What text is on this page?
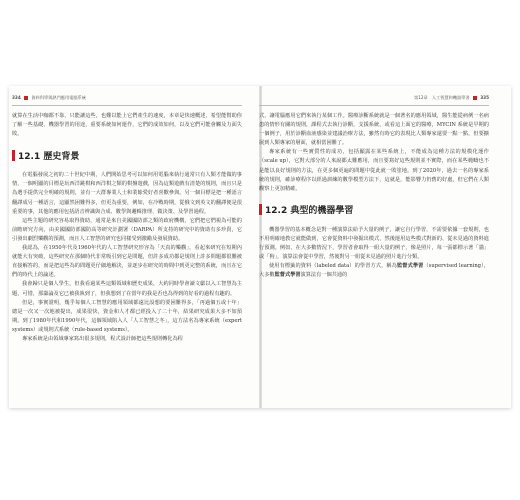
334	資料科學與熱門應用電腦系統

就算在生活中咖都不靠，只能讓這些，也難以能上它們產生的速度，本章是快速概述，希望能幫助你了解一些基礎、機器學習的用途，重要系統如何運作，它們的成效如何，以及它們可能會觸及力面失敗。

12.1 歷史背景

在電腦發展之初的二十世紀中期，人們開始思考可以如何用電腦來執行通常只有人類才能做的事情，一個明顯的目標是玩西洋跳棋和西洋棋之類的棋盤遊戲，因為這類遊戲有清楚的規則，而且只是為選手提供完全明確的規則，並有一大群專業人士和業餘愛好者喜歡參與。另一個目標是把一種語言翻譯成另一種語言，這顯然困難得多，但更為重要，例如，在冷戰時期，從俄文到英文的翻譯便是很重要的事，其他的應用包括語音辨識與合成、數學與邏輯推理、做決策、及學習過程。

這些主題的研究容易取得資助，通常是來自美國國防部之類的政府機構，它們把它們視為可能的前瞻研究方向，由美國國防部國防高等研究計劃署（DARPA）所支持的研究中的資助有多珍貴，它引發出劇烈樂觀的預測，而且人工智慧的研究也同樣受到激勵及發展資助。

我認為，在1950年代及1960年代的人工智慧研究形容為「天真的樂觀」，看起來研究在短期內就能大有突破，這些研究在那個時代非常吸引到它是問題，但許多成功都是規則上許多問題都很難被直接解答的，而是把這些為的問題更仔細地解決，並逐步在研究的時間中到更完整的系統，而且在它們的時代上的論述。

我會歸只是個人學生，但我看過某些這類領域和歷史成果，大約同時學會讀文獻以入工智慧為主題，可惜，那籌論及它已被我執到了，但我想到了在當年的我是否也為得到的好看的過程有趣的。

但是，事實證明，幾乎每個人工智慧的應用領域都遠比設想的要困難得多，「再過個五或十年」總是一次又一次地被提出，成果很快，資金和人才都已經投入了二十年，結果研究成果大多不如預期。到了1980年代和1990年代，這個領域陷入人「人工智慧之冬」，這方法名為專家系統（expert systems）或規則式系統（rule-based systems）。

專家系統是由領域專家寫出很多規則，程式設計師把這些規則轉化為程

第12章　人工智慧和機器學習	335

式，讓電腦應用它們來執行某個工作。醫療診斷系統就是一個著名的應用領域，醫生能從病例一名病患的情形有關的規則，課程式去執行診斷，支援系統，或看這上面它的醫療，MYCIN 系統是早期的一個例子，用於診斷血液感染並建議治療方法，雖然有時它的表現比人類專家還要一點一點，但要擴展到人類專家的層面，就相當困難了。

專家系統有一些實質性的成功，包括顯露在某些系統上，不能成為這種方法的規模化運作（scale up），它對大部分的人來說都太難應用，而且要寫好這些規則並不實際，而在某些範疇也不是能以良好規則的方法，在更多個更遍的問題中從此就一敗塗地。到了2020年，過去一名的專家系統的規則，確診療程序以經過訓練的數學模型方法下，這就是，能影響力仍舊的好處，但它們在人類觀察上更加精確。

12.2 典型的機器學習

機器學習的基本概念是對一種演算法給予大量的例子，讓它自行學習，不需要依據一套規則，也不用明確地教它就能做到，它會從資料中發掘出模式，然後運用這些模式對新的、從未見過的資料進行預測。例如，在大多數情況下，學習者會取得一組大量的例子，像是照片，每一張都標示著「貓」或「狗」，演算法會從中學習，然後對另一組從未見過的照片進行分類。

使用有標籤的資料（labeled data）的學習方式，稱為監督式學習（supervised learning），大多數監督式學習演算法有一個共通的
